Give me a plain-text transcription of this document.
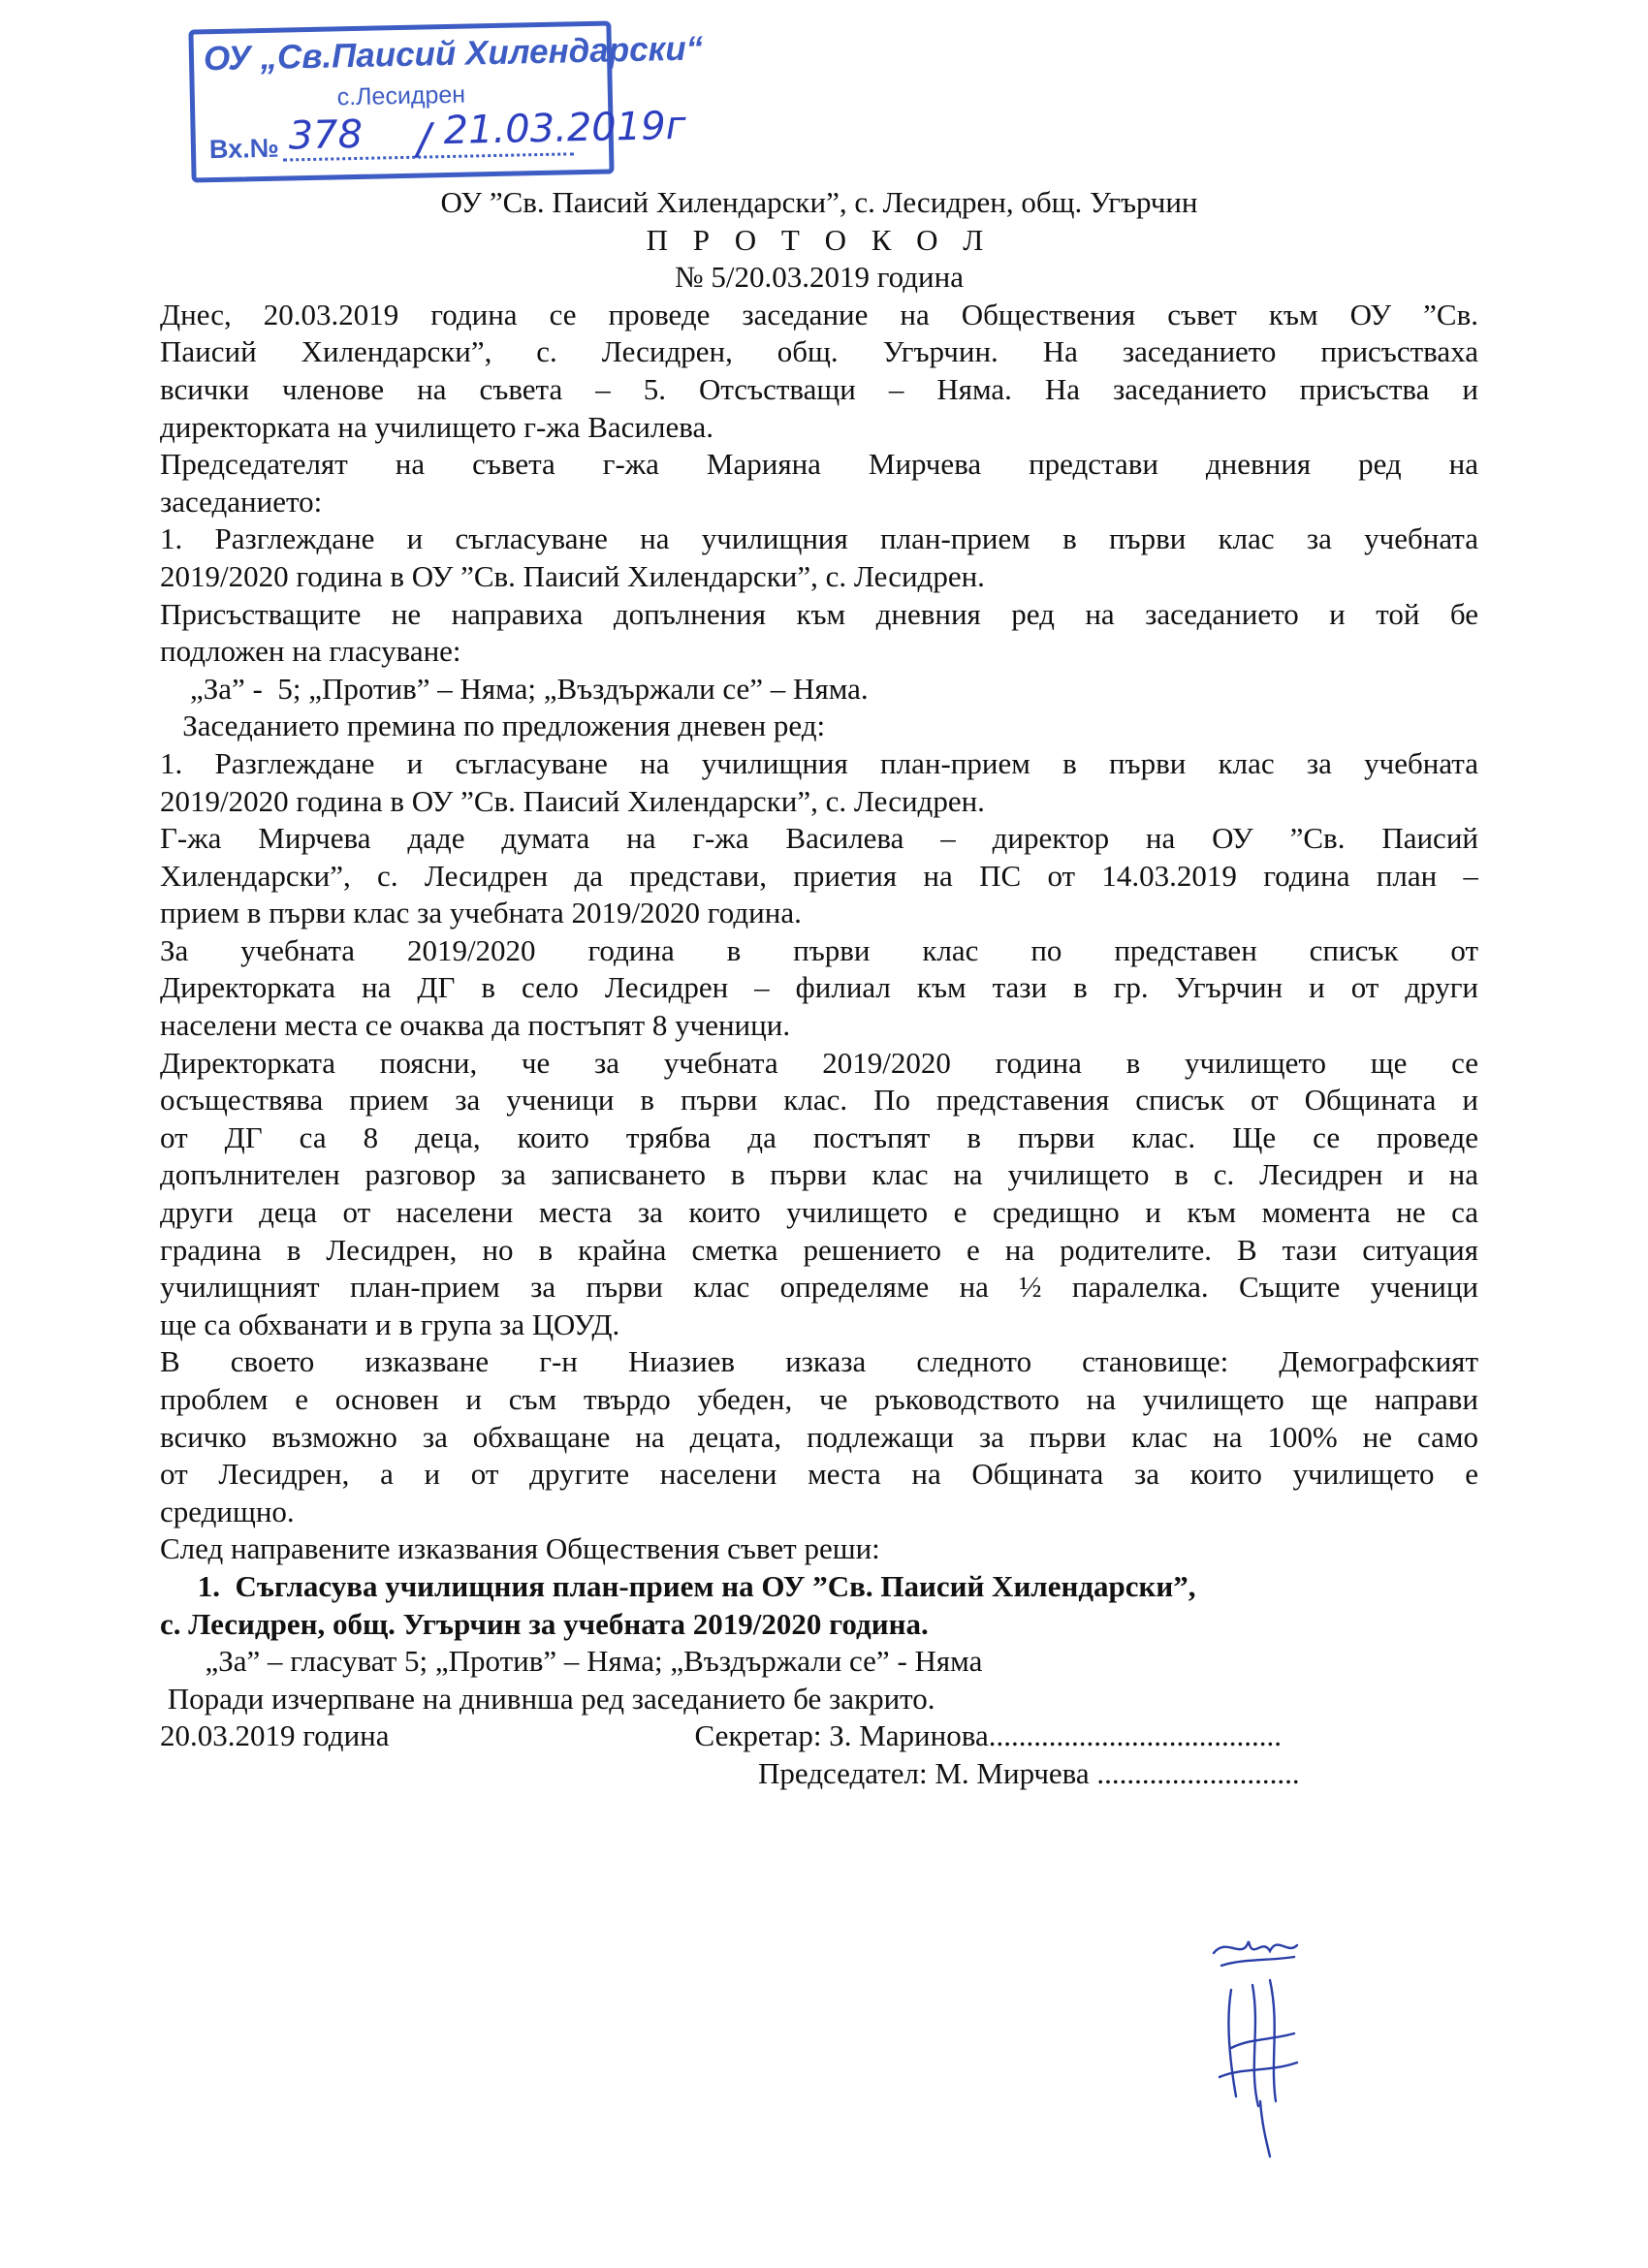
ОУ „Св.Паисий Хилендарски“
с.Лесидрен
Вх.№ 378 / 21.03.2019г
ОУ ”Св. Паисий Хилендарски”, с. Лесидрен, общ. Угърчин
П Р О Т О К О Л
№ 5/20.03.2019 година
Днес, 20.03.2019 година се проведе заседание на Обществения съвет към ОУ ”Св.
Паисий Хилендарски”, с. Лесидрен, общ. Угърчин. На заседанието присъстваха
всички членове на съвета – 5. Отсъстващи – Няма. На заседанието присъства и
директорката на училището г-жа Василева.
Председателят на съвета г-жа Марияна Мирчева представи дневния ред на
заседанието:
1. Разглеждане и съгласуване на училищния план-прием в първи клас за учебната
2019/2020 година в ОУ ”Св. Паисий Хилендарски”, с. Лесидрен.
Присъстващите не направиха допълнения към дневния ред на заседанието и той бе
подложен на гласуване:
„За” -  5; „Против” – Няма; „Въздържали се” – Няма.
Заседанието премина по предложения дневен ред:
1. Разглеждане и съгласуване на училищния план-прием в първи клас за учебната
2019/2020 година в ОУ ”Св. Паисий Хилендарски”, с. Лесидрен.
Г-жа Мирчева даде думата на г-жа Василева – директор на ОУ ”Св. Паисий
Хилендарски”, с. Лесидрен да представи, приетия на ПС от 14.03.2019 година план –
прием в първи клас за учебната 2019/2020 година.
За учебната 2019/2020 година в първи клас по представен списък от
Директорката на ДГ в село Лесидрен – филиал към тази в гр. Угърчин и от други
населени места се очаква да постъпят 8 ученици.
Директорката поясни, че за учебната 2019/2020 година в училището ще се
осъществява прием за ученици в първи клас. По представения списък от Общината и
от ДГ са 8 деца, които трябва да постъпят в първи клас. Ще се проведе
допълнителен разговор за записването в първи клас на училището в с. Лесидрен и на
други деца от населени места за които училището е средищно и към момента не са
градина в Лесидрен, но в крайна сметка решението е на родителите. В тази ситуация
училищният план-прием за първи клас определяме на ½ паралелка. Същите ученици
ще са обхванати и в група за ЦОУД.
В своето изказване г-н Ниазиев изказа следното становище: Демографският
проблем е основен и съм твърдо убеден, че ръководството на училището ще направи
всичко възможно за обхващане на децата, подлежащи за първи клас на 100% не само
от Лесидрен, а и от другите населени места на Общината за които училището е
средищно.
След направените изказвания Обществения съвет реши:
1.  Съгласува училищния план-прием на ОУ ”Св. Паисий Хилендарски”,
с. Лесидрен, общ. Угърчин за учебната 2019/2020 година.
„За” – гласуват 5; „Против” – Няма; „Въздържали се” - Няма
Поради изчерпване на днивнша ред заседанието бе закрито.
20.03.2019 година	Секретар: З. Маринова.......................................
Председател: М. Мирчева ...........................
